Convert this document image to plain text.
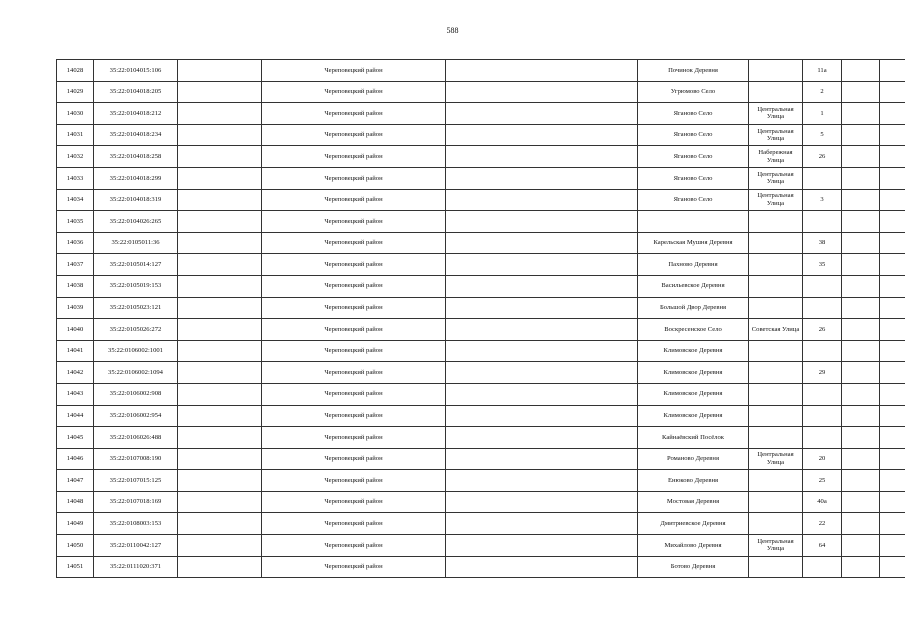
588
14028	35:22:0104015:106		Череповецкий район		Починок Деревня		11а			
14029	35:22:0104018:205		Череповецкий район		Угрюмово Село		2			
14030	35:22:0104018:212		Череповецкий район		Яганово Село	Центральная Улица	1			
14031	35:22:0104018:234		Череповецкий район		Яганово Село	Центральная Улица	5			
14032	35:22:0104018:258		Череповецкий район		Яганово Село	Набережная Улица	26			
14033	35:22:0104018:299		Череповецкий район		Яганово Село	Центральная Улица				
14034	35:22:0104018:319		Череповецкий район		Яганово Село	Центральная Улица	3			
14035	35:22:0104026:265		Череповецкий район							
14036	35:22:0105011:36		Череповецкий район		Карельская Мушня Деревня		38			
14037	35:22:0105014:127		Череповецкий район		Пахново Деревня		35			
14038	35:22:0105019:153		Череповецкий район		Васильевское Деревня					
14039	35:22:0105023:121		Череповецкий район		Большой Двор Деревня					
14040	35:22:0105026:272		Череповецкий район		Воскресенское Село	Советская Улица	26			
14041	35:22:0106002:1001		Череповецкий район		Климовское Деревня					
14042	35:22:0106002:1094		Череповецкий район		Климовское Деревня		29			
14043	35:22:0106002:908		Череповецкий район		Климовское Деревня					
14044	35:22:0106002:954		Череповецкий район		Климовское Деревня					
14045	35:22:0106026:488		Череповецкий район		Кайнаёвский Посёлок					
14046	35:22:0107008:190		Череповецкий район		Романово Деревня	Центральная Улица	20			
14047	35:22:0107015:125		Череповецкий район		Енюково Деревня		25			
14048	35:22:0107018:169		Череповецкий район		Мостовая Деревня		40а			
14049	35:22:0108003:153		Череповецкий район		Дмитриевское Деревня		22			
14050	35:22:0110042:127		Череповецкий район		Михайлово Деревня	Центральная Улица	64			
14051	35:22:0111020:371		Череповецкий район		Ботово Деревня					
